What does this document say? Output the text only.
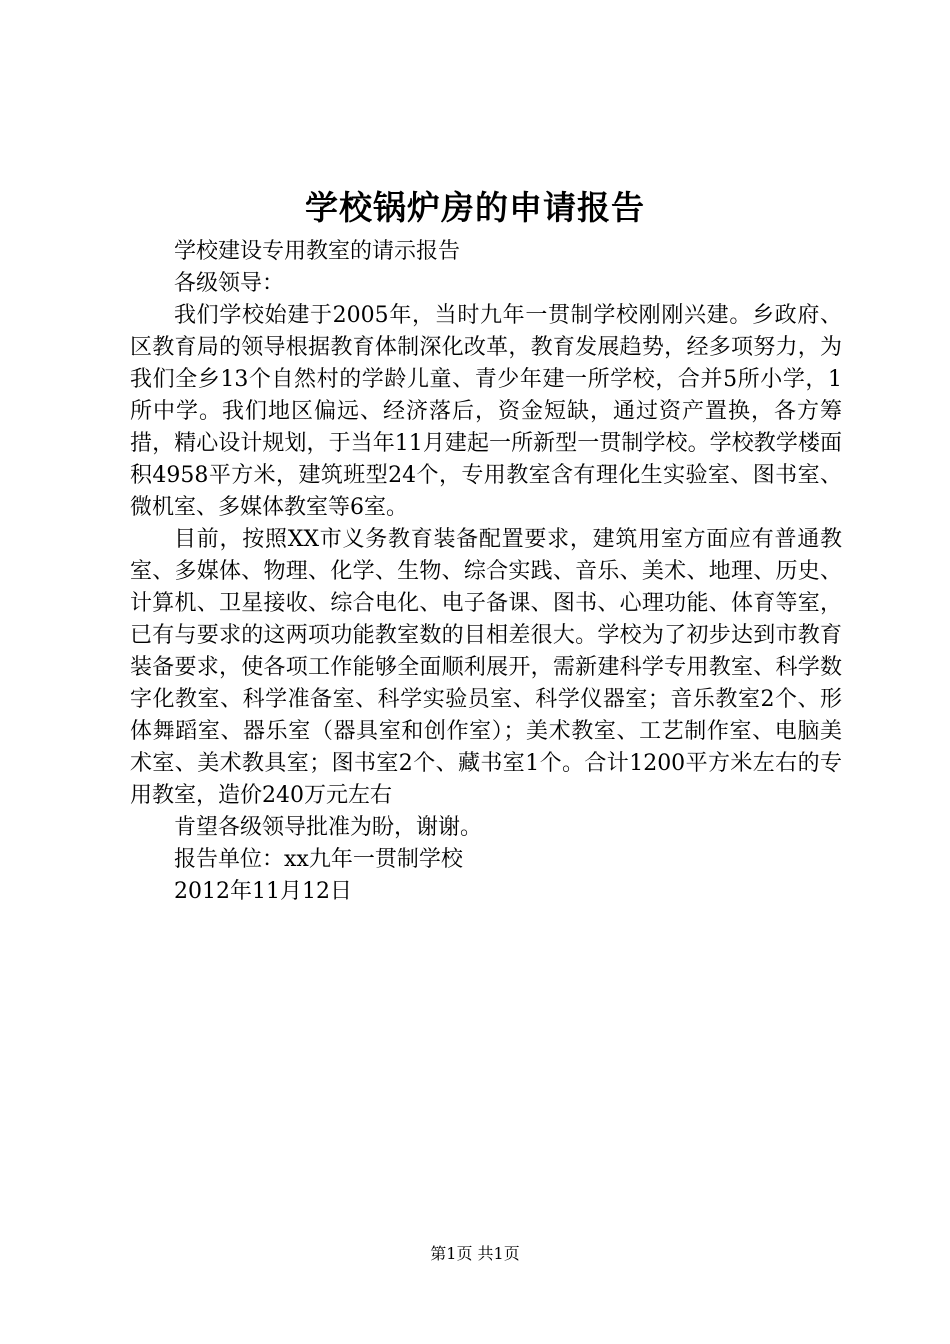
学校锅炉房的申请报告

学校建设专用教室的请示报告

各级领导：

我们学校始建于2005年，当时九年一贯制学校刚刚兴建。乡政府、区教育局的领导根据教育体制深化改革，教育发展趋势，经多项努力，为我们全乡13个自然村的学龄儿童、青少年建一所学校，合并5所小学，1所中学。我们地区偏远、经济落后，资金短缺，通过资产置换，各方筹措，精心设计规划，于当年11月建起一所新型一贯制学校。学校教学楼面积4958平方米，建筑班型24个，专用教室含有理化生实验室、图书室、微机室、多媒体教室等6室。

目前，按照XX市义务教育装备配置要求，建筑用室方面应有普通教室、多媒体、物理、化学、生物、综合实践、音乐、美术、地理、历史、计算机、卫星接收、综合电化、电子备课、图书、心理功能、体育等室，已有与要求的这两项功能教室数的目相差很大。学校为了初步达到市教育装备要求，使各项工作能够全面顺利展开，需新建科学专用教室、科学数字化教室、科学准备室、科学实验员室、科学仪器室；音乐教室2个、形体舞蹈室、器乐室（器具室和创作室）；美术教室、工艺制作室、电脑美术室、美术教具室；图书室2个、藏书室1个。合计1200平方米左右的专用教室，造价240万元左右

肯望各级领导批准为盼，谢谢。

报告单位：xx九年一贯制学校

2012年11月12日

第1页 共1页
